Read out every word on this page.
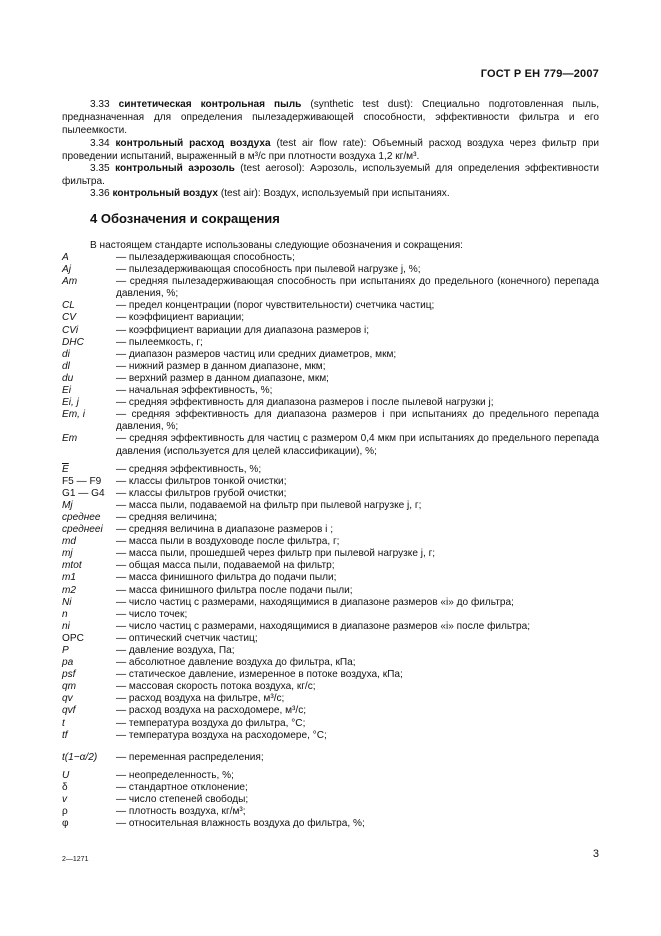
ГОСТ Р ЕН 779—2007
3.33 синтетическая контрольная пыль (synthetic test dust): Специально подготовленная пыль, предназначенная для определения пылезадерживающей способности, эффективности фильтра и его пылеемкости.
3.34 контрольный расход воздуха (test air flow rate): Объемный расход воздуха через фильтр при проведении испытаний, выраженный в м³/с при плотности воздуха 1,2 кг/м³.
3.35 контрольный аэрозоль (test aerosol): Аэрозоль, используемый для определения эффективности фильтра.
3.36 контрольный воздух (test air): Воздух, используемый при испытаниях.
4 Обозначения и сокращения
В настоящем стандарте использованы следующие обозначения и сокращения:
A	— пылезадерживающая способность;
Aj	— пылезадерживающая способность при пылевой нагрузке j, %;
Am	— средняя пылезадерживающая способность при испытаниях до предельного (конечного) перепада давления, %;
CL	— предел концентрации (порог чувствительности) счетчика частиц;
CV	— коэффициент вариации;
CVi	— коэффициент вариации для диапазона размеров i;
DHC	— пылеемкость, г;
di	— диапазон размеров частиц или средних диаметров, мкм;
dl	— нижний размер в данном диапазоне, мкм;
du	— верхний размер в данном диапазоне, мкм;
Ei	— начальная эффективность, %;
Ei, j	— средняя эффективность для диапазона размеров i после пылевой нагрузки j;
Em, i	— средняя эффективность для диапазона размеров i при испытаниях до предельного перепада давления, %;
Em	— средняя эффективность для частиц с размером 0,4 мкм при испытаниях до предельного перепада давления (используется для целей классификации), %;
$\overline{E}$	— средняя эффективность, %;
F5 — F9	— классы фильтров тонкой очистки;
G1 — G4	— классы фильтров грубой очистки;
Mj	— масса пыли, подаваемой на фильтр при пылевой нагрузке j, г;
среднее	— средняя величина;
среднееi	— средняя величина в диапазоне размеров i ;
md	— масса пыли в воздуховоде после фильтра, г;
mj	— масса пыли, прошедшей через фильтр при пылевой нагрузке j, г;
mtot	— общая масса пыли, подаваемой на фильтр;
m1	— масса финишного фильтра до подачи пыли;
m2	— масса финишного фильтра после подачи пыли;
Ni	— число частиц с размерами, находящимися в диапазоне размеров «i» до фильтра;
n	— число точек;
ni	— число частиц с размерами, находящимися в диапазоне размеров «i» после фильтра;
OPC	— оптический счетчик частиц;
P	— давление воздуха, Па;
pa	— абсолютное давление воздуха до фильтра, кПа;
psf	— статическое давление, измеренное в потоке воздуха, кПа;
qm	— массовая скорость потока воздуха, кг/с;
qv	— расход воздуха на фильтре, м³/с;
qvf	— расход воздуха на расходомере, м³/с;
t	— температура воздуха до фильтра, °С;
tf	— температура воздуха на расходомере, °С;
t(1−α/2)	— переменная распределения;
U	— неопределенность, %;
δ	— стандартное отклонение;
v	— число степеней свободы;
ρ	— плотность воздуха, кг/м³;
φ	— относительная влажность воздуха до фильтра, %;
2—1271	3
